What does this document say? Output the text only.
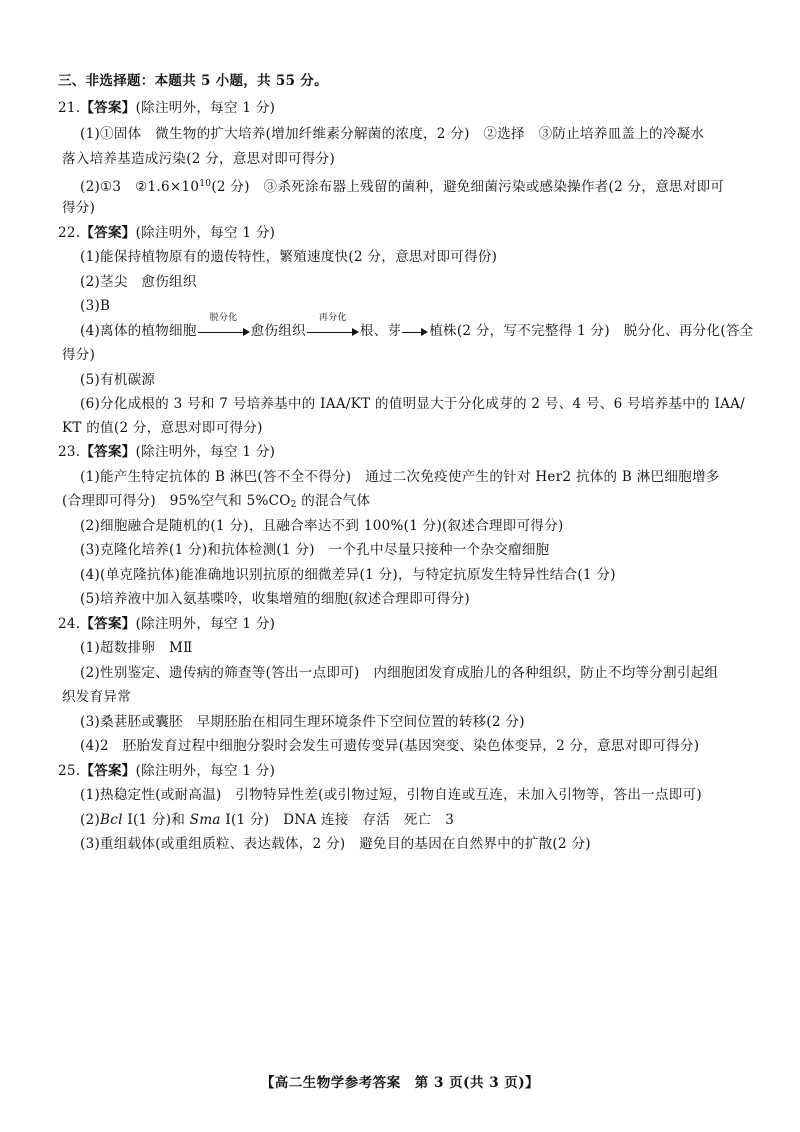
三、非选择题：本题共 5 小题，共 55 分。
21.【答案】(除注明外，每空 1 分)
(1)①固体　微生物的扩大培养(增加纤维素分解菌的浓度，2 分)　②选择　③防止培养皿盖上的冷凝水
落入培养基造成污染(2 分，意思对即可得分)
(2)①3　$②1.6\times 10^{10}(2$ 分)　③杀死涂布器上残留的菌种，避免细菌污染或感染操作者(2 分，意思对即可
得分)
22.【答案】(除注明外，每空 1 分)
(1)能保持植物原有的遗传特性，繁殖速度快(2 分，意思对即可得份)
(2)茎尖　愈伤组织
(3)B
(4)离体的植物细胞
脱分化
愈伤组织
再分化
根、芽 植株(2 分，写不完整得 1 分)　脱分化、再分化(答全
得分)
(5)有机碳源
(6)分化成根的 3 号和 7 号培养基中的 IAA/KT 的值明显大于分化成芽的 2 号、4 号、6 号培养基中的 IAA/
KT 的值(2 分，意思对即可得分)
23.【答案】(除注明外，每空 1 分)
(1)能产生特定抗体的 B 淋巴(答不全不得分)　通过二次免疫使产生的针对 Her2 抗体的 B 淋巴细胞增多
(合理即可得分)　95%空气和 $5\%CO_2$ 的混合气体
(2)细胞融合是随机的(1 分)，且融合率达不到 100%(1 分)(叙述合理即可得分)
(3)克隆化培养(1 分)和抗体检测(1 分)　一个孔中尽量只接种一个杂交瘤细胞
(4)(单克隆抗体)能准确地识别抗原的细微差异(1 分)，与特定抗原发生特异性结合(1 分)
(5)培养液中加入氨基喋呤，收集增殖的细胞(叙述合理即可得分)
24.【答案】(除注明外，每空 1 分)
(1)超数排卵　MⅡ
(2)性别鉴定、遗传病的筛查等(答出一点即可)　内细胞团发育成胎儿的各种组织，防止不均等分割引起组
织发育异常
(3)桑葚胚或囊胚　早期胚胎在相同生理环境条件下空间位置的转移(2 分)
(4)2　胚胎发育过程中细胞分裂时会发生可遗传变异(基因突变、染色体变异，2 分，意思对即可得分)
25.【答案】(除注明外，每空 1 分)
(1)热稳定性(或耐高温)　引物特异性差(或引物过短，引物自连或互连，未加入引物等，答出一点即可)
(2)Bcl Ⅰ(1 分)和 Sma Ⅰ(1 分)　DNA 连接　存活　死亡　3
(3)重组载体(或重组质粒、表达载体，2 分)　避免目的基因在自然界中的扩散(2 分)
【高二生物学参考答案　第 3 页(共 3 页)】
